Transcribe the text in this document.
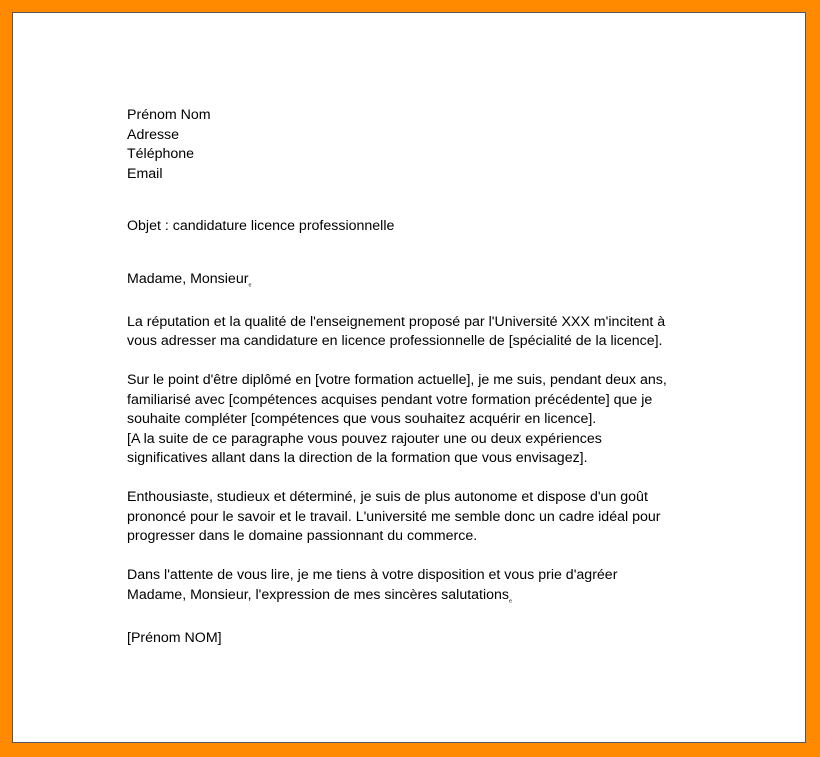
Prénom Nom
Adresse
Téléphone
Email

Objet : candidature licence professionnelle

Madame, Monsieur$_{_e}$

La réputation et la qualité de l'enseignement proposé par l'Université XXX m'incitent à
vous adresser ma candidature en licence professionnelle de [spécialité de la licence].

Sur le point d'être diplômé en [votre formation actuelle], je me suis, pendant deux ans,
familiarisé avec [compétences acquises pendant votre formation précédente] que je
souhaite compléter [compétences que vous souhaitez acquérir en licence].
[A la suite de ce paragraphe vous pouvez rajouter une ou deux expériences
significatives allant dans la direction de la formation que vous envisagez].

Enthousiaste, studieux et déterminé, je suis de plus autonome et dispose d'un goût
prononcé pour le savoir et le travail. L'université me semble donc un cadre idéal pour
progresser dans le domaine passionnant du commerce.

Dans l'attente de vous lire, je me tiens à votre disposition et vous prie d'agréer
Madame, Monsieur, l'expression de mes sincères salutations$_{_e}$

[Prénom NOM]
